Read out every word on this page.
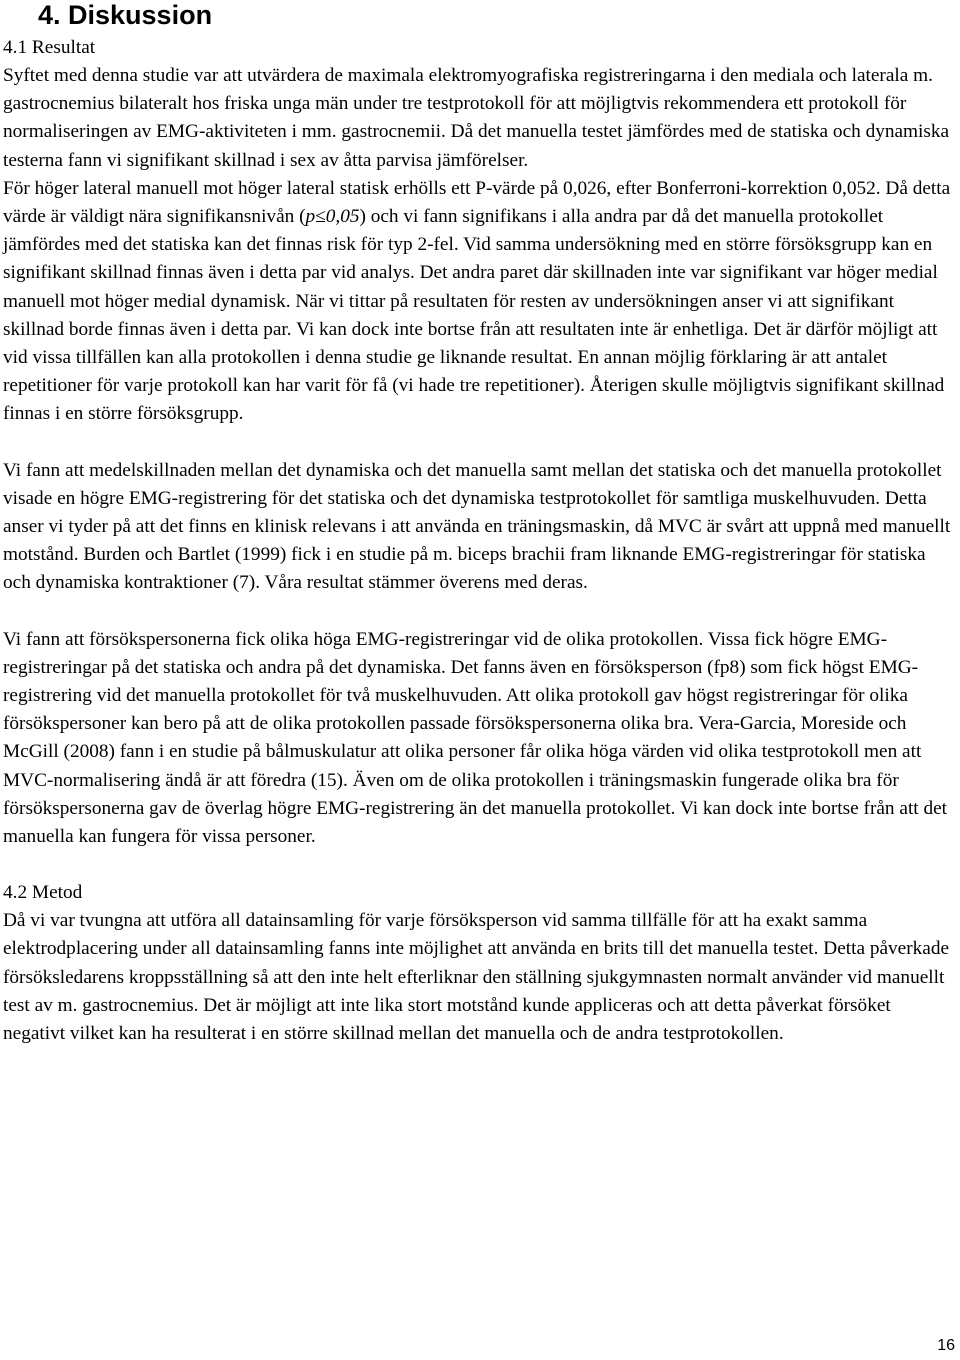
4. Diskussion

4.1 Resultat

Syftet med denna studie var att utvärdera de maximala elektromyografiska registreringarna i den mediala och laterala m. gastrocnemius bilateralt hos friska unga män under tre testprotokoll för att möjligtvis rekommendera ett protokoll för normaliseringen av EMG-aktiviteten i mm. gastrocnemii. Då det manuella testet jämfördes med de statiska och dynamiska testerna fann vi signifikant skillnad i sex av åtta parvisa jämförelser.

För höger lateral manuell mot höger lateral statisk erhölls ett P-värde på 0,026, efter Bonferroni-korrektion 0,052. Då detta värde är väldigt nära signifikansnivån (p≤0,05) och vi fann signifikans i alla andra par då det manuella protokollet jämfördes med det statiska kan det finnas risk för typ 2-fel. Vid samma undersökning med en större försöksgrupp kan en signifikant skillnad finnas även i detta par vid analys. Det andra paret där skillnaden inte var signifikant var höger medial manuell mot höger medial dynamisk. När vi tittar på resultaten för resten av undersökningen anser vi att signifikant skillnad borde finnas även i detta par. Vi kan dock inte bortse från att resultaten inte är enhetliga. Det är därför möjligt att vid vissa tillfällen kan alla protokollen i denna studie ge liknande resultat. En annan möjlig förklaring är att antalet repetitioner för varje protokoll kan har varit för få (vi hade tre repetitioner). Återigen skulle möjligtvis signifikant skillnad finnas i en större försöksgrupp.

Vi fann att medelskillnaden mellan det dynamiska och det manuella samt mellan det statiska och det manuella protokollet visade en högre EMG-registrering för det statiska och det dynamiska testprotokollet för samtliga muskelhuvuden. Detta anser vi tyder på att det finns en klinisk relevans i att använda en träningsmaskin, då MVC är svårt att uppnå med manuellt motstånd. Burden och Bartlet (1999) fick i en studie på m. biceps brachii fram liknande EMG-registreringar för statiska och dynamiska kontraktioner (7). Våra resultat stämmer överens med deras.

Vi fann att försökspersonerna fick olika höga EMG-registreringar vid de olika protokollen. Vissa fick högre EMG-registreringar på det statiska och andra på det dynamiska. Det fanns även en försöksperson (fp8) som fick högst EMG-registrering vid det manuella protokollet för två muskelhuvuden. Att olika protokoll gav högst registreringar för olika försökspersoner kan bero på att de olika protokollen passade försökspersonerna olika bra. Vera-Garcia, Moreside och McGill (2008) fann i en studie på bålmuskulatur att olika personer får olika höga värden vid olika testprotokoll men att MVC-normalisering ändå är att föredra (15). Även om de olika protokollen i träningsmaskin fungerade olika bra för försökspersonerna gav de överlag högre EMG-registrering än det manuella protokollet. Vi kan dock inte bortse från att det manuella kan fungera för vissa personer.

4.2 Metod

Då vi var tvungna att utföra all datainsamling för varje försöksperson vid samma tillfälle för att ha exakt samma elektrodplacering under all datainsamling fanns inte möjlighet att använda en brits till det manuella testet. Detta påverkade försöksledarens kroppsställning så att den inte helt efterliknar den ställning sjukgymnasten normalt använder vid manuellt test av m. gastrocnemius. Det är möjligt att inte lika stort motstånd kunde appliceras och att detta påverkat försöket negativt vilket kan ha resulterat i en större skillnad mellan det manuella och de andra testprotokollen.

16
